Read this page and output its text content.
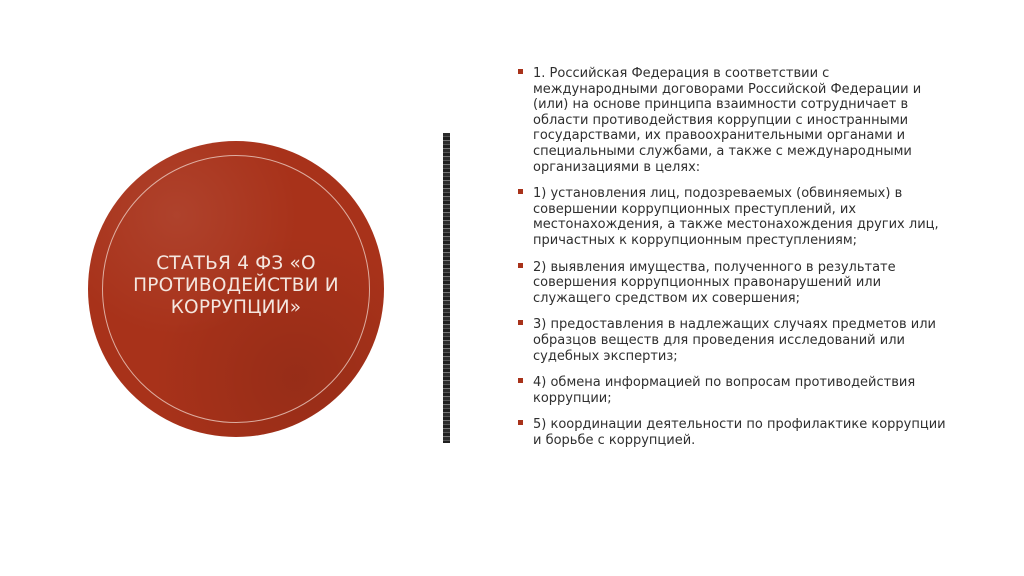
СТАТЬЯ 4 ФЗ «О ПРОТИВОДЕЙСТВИ И КОРРУПЦИИ»
1. Российская Федерация в соответствии с международными договорами Российской Федерации и (или) на основе принципа взаимности сотрудничает в области противодействия коррупции с иностранными государствами, их правоохранительными органами и специальными службами, а также с международными организациями в целях:
1) установления лиц, подозреваемых (обвиняемых) в совершении коррупционных преступлений, их местонахождения, а также местонахождения других лиц, причастных к коррупционным преступлениям;
2) выявления имущества, полученного в результате совершения коррупционных правонарушений или служащего средством их совершения;
3) предоставления в надлежащих случаях предметов или образцов веществ для проведения исследований или судебных экспертиз;
4) обмена информацией по вопросам противодействия коррупции;
5) координации деятельности по профилактике коррупции и борьбе с коррупцией.
